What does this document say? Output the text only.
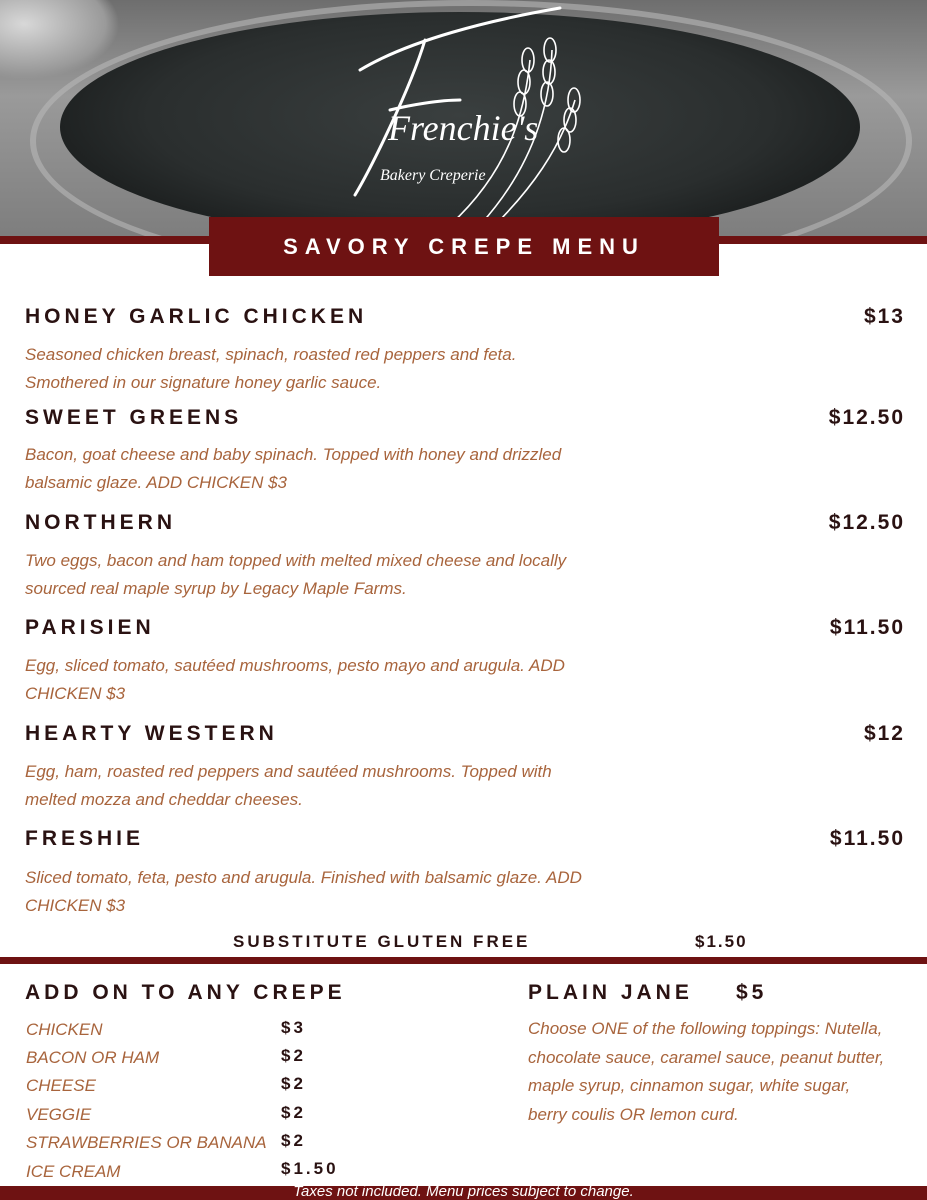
Frenchie's
Bakery Creperie
SAVORY CREPE MENU
HONEY GARLIC CHICKEN	$13
Seasoned chicken breast, spinach, roasted red peppers and feta. Smothered in our signature honey garlic sauce.
SWEET GREENS	$12.50
Bacon, goat cheese and baby spinach. Topped with honey and drizzled balsamic glaze. ADD CHICKEN $3
NORTHERN	$12.50
Two eggs, bacon and ham topped with melted mixed cheese and locally sourced real maple syrup by Legacy Maple Farms.
PARISIEN	$11.50
Egg, sliced tomato, sautéed mushrooms, pesto mayo and arugula. ADD CHICKEN $3
HEARTY WESTERN	$12
Egg, ham, roasted red peppers and sautéed mushrooms. Topped with melted mozza and cheddar cheeses.
FRESHIE	$11.50
Sliced tomato, feta, pesto and arugula. Finished with balsamic glaze. ADD CHICKEN $3
SUBSTITUTE GLUTEN FREE	$1.50
ADD ON TO ANY CREPE
CHICKEN	$3
BACON OR HAM	$2
CHEESE	$2
VEGGIE	$2
STRAWBERRIES OR BANANA $2
ICE CREAM	$1.50
PLAIN JANE $5
Choose ONE of the following toppings: Nutella, chocolate sauce, caramel sauce, peanut butter, maple syrup, cinnamon sugar, white sugar, berry coulis OR lemon curd.
Taxes not included. Menu prices subject to change.
